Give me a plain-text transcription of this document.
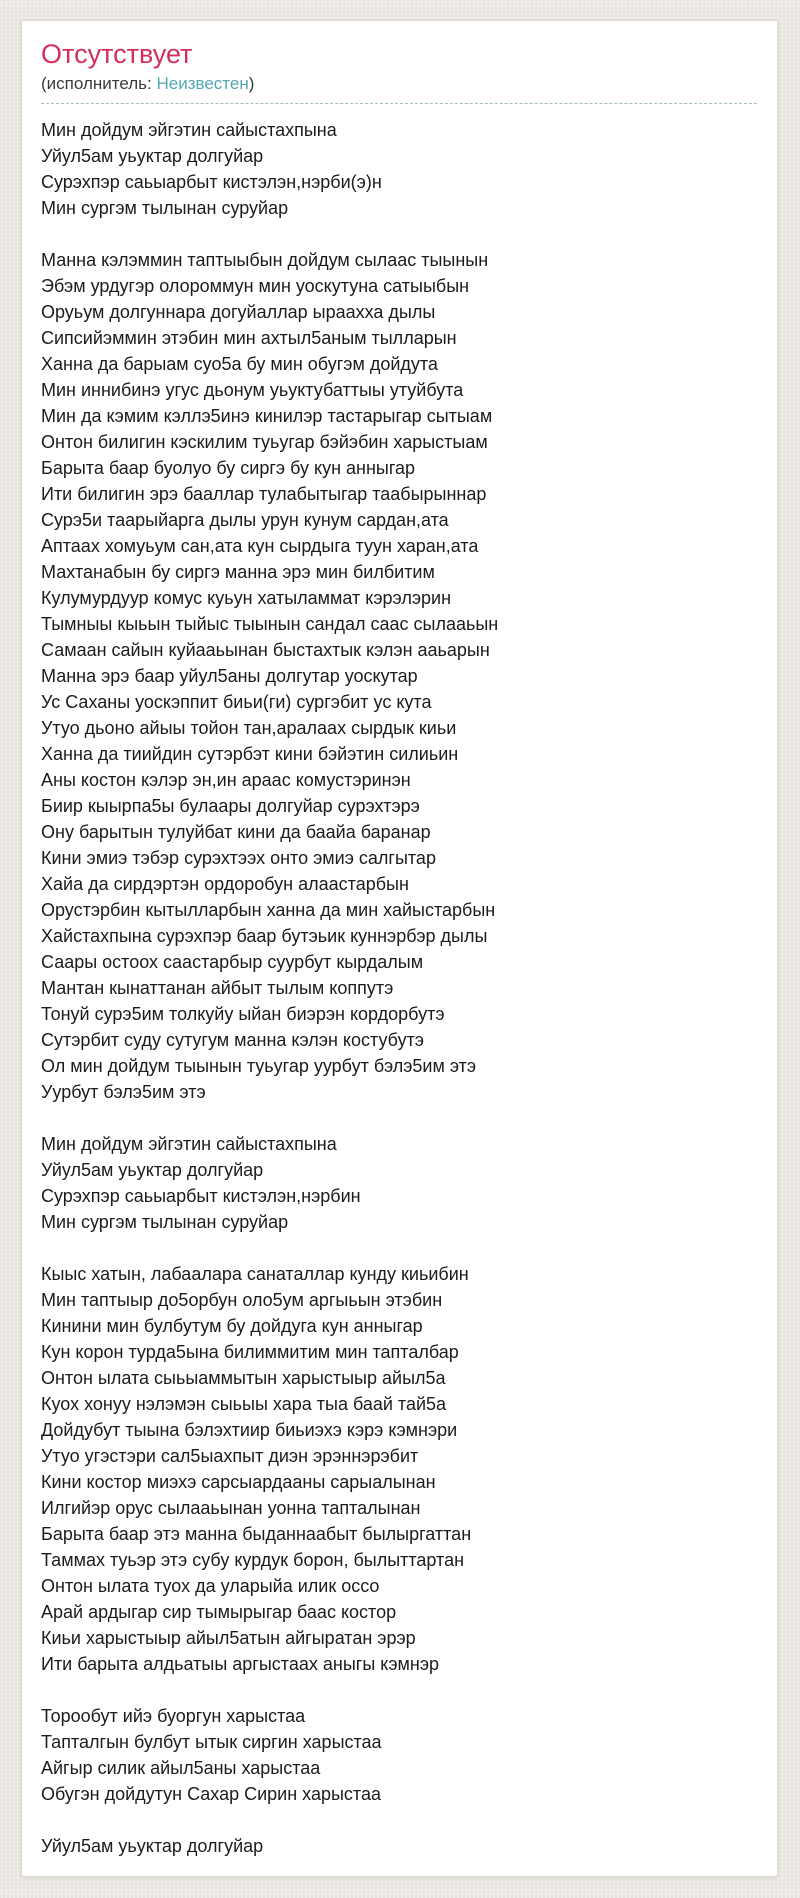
Отсутствует
(исполнитель: Неизвестен)
Мин дойдум эйгэтин сайыстахпына
Уйул5ам уьуктар долгуйар
Сурэхпэр саьыарбыт кистэлэн,нэрби(э)н
Мин сургэм тылынан суруйар

Манна кэлэммин таптыыбын дойдум сылаас тыынын
Эбэм урдугэр олороммун мин уоскутуна сатыыбын
Оруьум долгуннара догуйаллар ыраахха дылы
Сипсийэммин этэбин мин ахтыл5аным тылларын
Ханна да барыам суо5а бу мин обугэм дойдута
Мин иннибинэ угус дьонум уьуктубаттыы утуйбута
Мин да кэмим кэллэ5инэ кинилэр тастарыгар сытыам
Онтон билигин кэскилим туьугар бэйэбин харыстыам
Барыта баар буолуо бу сиргэ бу кун анныгар
Ити билигин эрэ бааллар тулабытыгар таабырыннар
Сурэ5и таарыйарга дылы урун кунум сардан,ата
Аптаах хомуьум сан,ата кун сырдыга туун харан,ата
Махтанабын бу сиргэ манна эрэ мин билбитим
Кулумурдуур комус куьун хатыламмат кэрэлэрин
Тымныы кыьын тыйыс тыынын сандал саас сылааьын
Самаан сайын куйааьынан быстахтык кэлэн ааьарын
Манна эрэ баар уйул5аны долгутар уоскутар
Ус Саханы уоскэппит биьи(ги) сургэбит ус кута
Утуо дьоно айыы тойон тан,аралаах сырдык киьи
Ханна да тиийдин сутэрбэт кини бэйэтин силиьин
Аны костон кэлэр эн,ин араас комустэринэн
Биир кыырпа5ы булаары долгуйар сурэхтэрэ
Ону барытын тулуйбат кини да баайа баранар
Кини эмиэ тэбэр сурэхтээх онто эмиэ салгытар
Хайа да сирдэртэн ордоробун алаастарбын
Орустэрбин кытылларбын ханна да мин хайыстарбын
Хайстахпына сурэхпэр баар бутэьик куннэрбэр дылы
Саары остоох саастарбыр суурбут кырдалым
Мантан кынаттанан айбыт тылым коппутэ
Тонуй сурэ5им толкуйу ыйан биэрэн кордорбутэ
Сутэрбит суду сутугум манна кэлэн костубутэ
Ол мин дойдум тыынын туьугар уурбут бэлэ5им этэ
Уурбут бэлэ5им этэ

Мин дойдум эйгэтин сайыстахпына
Уйул5ам уьуктар долгуйар
Сурэхпэр саьыарбыт кистэлэн,нэрбин
Мин сургэм тылынан суруйар

Кыыс хатын, лабаалара санаталлар кунду киьибин
Мин таптыыр до5орбун оло5ум аргыьын этэбин
Кинини мин булбутум бу дойдуга кун анныгар
Кун корон турда5ына билиммитим мин тапталбар
Онтон ылата сыьыаммытын харыстыыр айыл5а
Куох хонуу нэлэмэн сыьыы хара тыа баай тай5а
Дойдубут тыына бэлэхтиир биьиэхэ кэрэ кэмнэри
Утуо угэстэри сал5ыахпыт диэн эрэннэрэбит
Кини костор миэхэ сарсыардааны сарыалынан
Илгийэр орус сылааьынан уонна тапталынан
Барыта баар этэ манна быданнаабыт былыргаттан
Таммах туьэр этэ субу курдук борон, былыттартан
Онтон ылата туох да уларыйа илик оссо
Арай ардыгар сир тымырыгар баас костор
Киьи харыстыыр айыл5атын айгыратан эрэр
Ити барыта алдьатыы аргыстаах аныгы кэмнэр

Торообут ийэ буоргун харыстаа
Тапталгын булбут ытык сиргин харыстаа
Айгыр силик айыл5аны харыстаа
Обугэн дойдутун Сахар Сирин харыстаа

Уйул5ам уьуктар долгуйар
